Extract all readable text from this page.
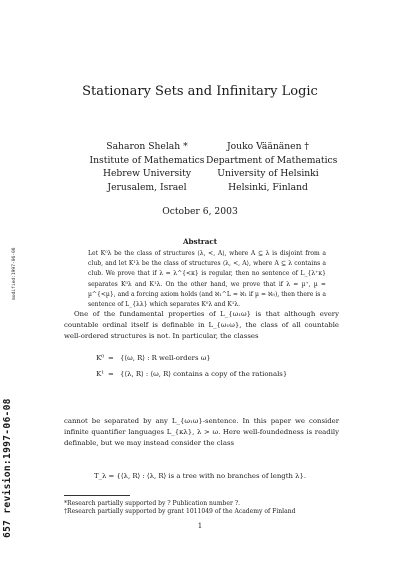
Stationary Sets and Infinitary Logic
Saharon Shelah *
Institute of Mathematics
Hebrew University
Jerusalem, Israel
Jouko Väänänen †
Department of Mathematics
University of Helsinki
Helsinki, Finland
October 6, 2003
Abstract
Let K⁰λ be the class of structures ⟨λ, <, A⟩, where A ⊆ λ is disjoint from a club, and let K¹λ be the class of structures ⟨λ, <, A⟩, where A ⊆ λ contains a club. We prove that if λ = λ^{<κ} is regular, then no sentence of L_{λ⁺κ} separates K⁰λ and K¹λ. On the other hand, we prove that if λ = µ⁺, µ = µ^{<µ}, and a forcing axiom holds (and ℵ₁^L = ℵ₁ if µ = ℵ₀), then there is a sentence of L_{λλ} which separates K⁰λ and K¹λ.
One of the fundamental properties of L_{ω₁ω} is that although every countable ordinal itself is definable in L_{ω₁ω}, the class of all countable well-ordered structures is not. In particular, the classes
K⁰ = {⟨ω, R⟩ : R well-orders ω}
K¹ = {⟨λ, R⟩ : ⟨ω, R⟩ contains a copy of the rationals}
cannot be separated by any L_{ω₁ω}-sentence. In this paper we consider infinite quantifier languages L_{κλ}, λ > ω. Here well-foundedness is readily definable, but we may instead consider the class
T_λ = {⟨λ, R⟩ : ⟨λ, R⟩ is a tree with no branches of length λ}.
*Research partially supported by ? Publication number ?.
†Research partially supported by grant 1011049 of the Academy of Finland
1
modified:1997-06-08
657 revision:1997-06-08
